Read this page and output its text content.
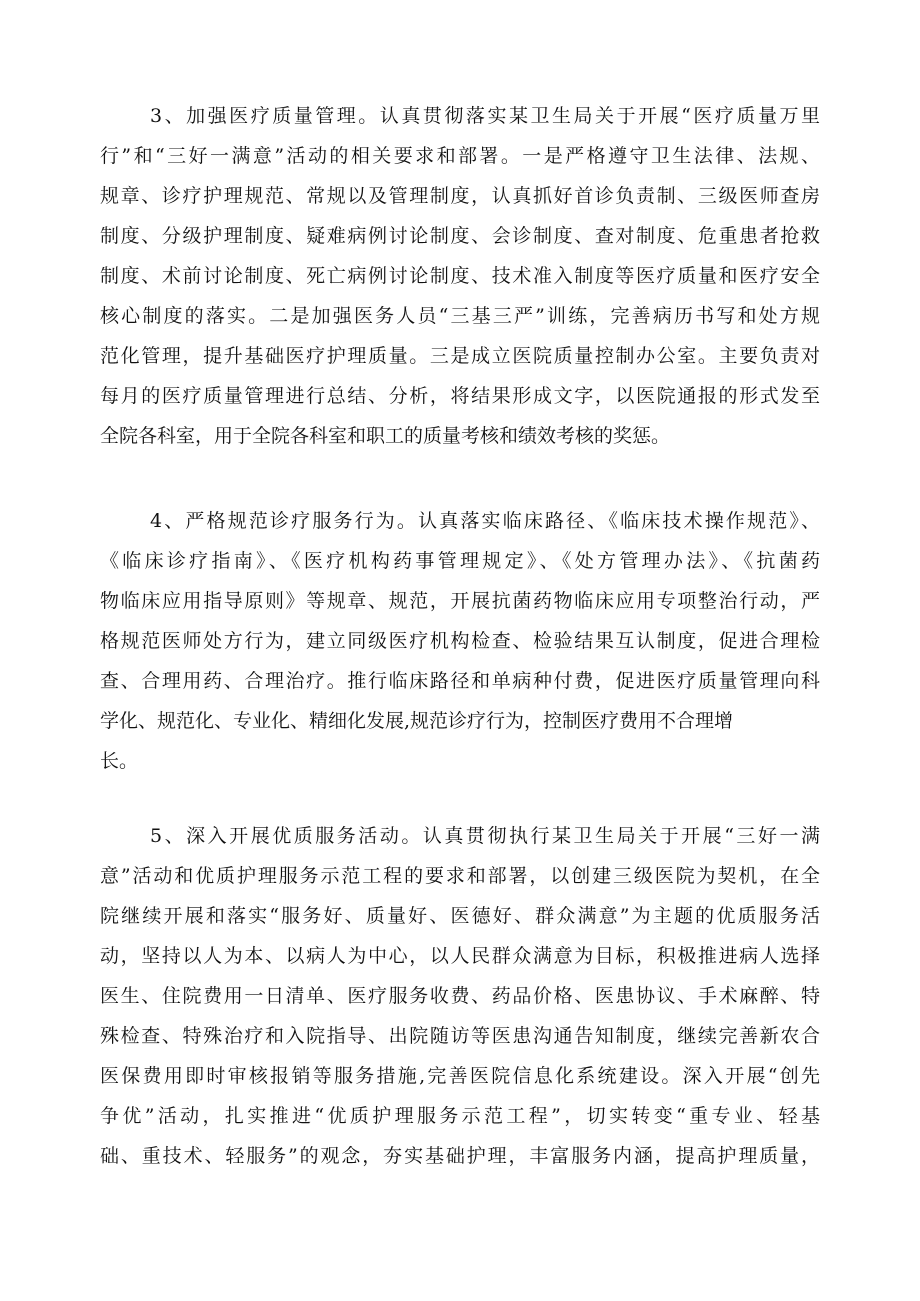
3、加强医疗质量管理。认真贯彻落实某卫生局关于开展“医疗质量万里
行”和“三好一满意”活动的相关要求和部署。一是严格遵守卫生法律、法规、
规章、诊疗护理规范、常规以及管理制度，认真抓好首诊负责制、三级医师查房
制度、分级护理制度、疑难病例讨论制度、会诊制度、查对制度、危重患者抢救
制度、术前讨论制度、死亡病例讨论制度、技术准入制度等医疗质量和医疗安全
核心制度的落实。二是加强医务人员“三基三严”训练，完善病历书写和处方规
范化管理，提升基础医疗护理质量。三是成立医院质量控制办公室。主要负责对
每月的医疗质量管理进行总结、分析，将结果形成文字，以医院通报的形式发至
全院各科室，用于全院各科室和职工的质量考核和绩效考核的奖惩。
4、严格规范诊疗服务行为。认真落实临床路径、《临床技术操作规范》、
《临床诊疗指南》、《医疗机构药事管理规定》、《处方管理办法》、《抗菌药
物临床应用指导原则》等规章、规范，开展抗菌药物临床应用专项整治行动，严
格规范医师处方行为，建立同级医疗机构检查、检验结果互认制度，促进合理检
查、合理用药、合理治疗。推行临床路径和单病种付费，促进医疗质量管理向科
学化、规范化、专业化、精细化发展,规范诊疗行为，控制医疗费用不合理增
长。
5、深入开展优质服务活动。认真贯彻执行某卫生局关于开展“三好一满
意”活动和优质护理服务示范工程的要求和部署，以创建三级医院为契机，在全
院继续开展和落实“服务好、质量好、医德好、群众满意”为主题的优质服务活
动，坚持以人为本、以病人为中心，以人民群众满意为目标，积极推进病人选择
医生、住院费用一日清单、医疗服务收费、药品价格、医患协议、手术麻醉、特
殊检查、特殊治疗和入院指导、出院随访等医患沟通告知制度，继续完善新农合
医保费用即时审核报销等服务措施,完善医院信息化系统建设。深入开展“创先
争优”活动，扎实推进“优质护理服务示范工程”，切实转变“重专业、轻基
础、重技术、轻服务”的观念，夯实基础护理，丰富服务内涵，提高护理质量，
